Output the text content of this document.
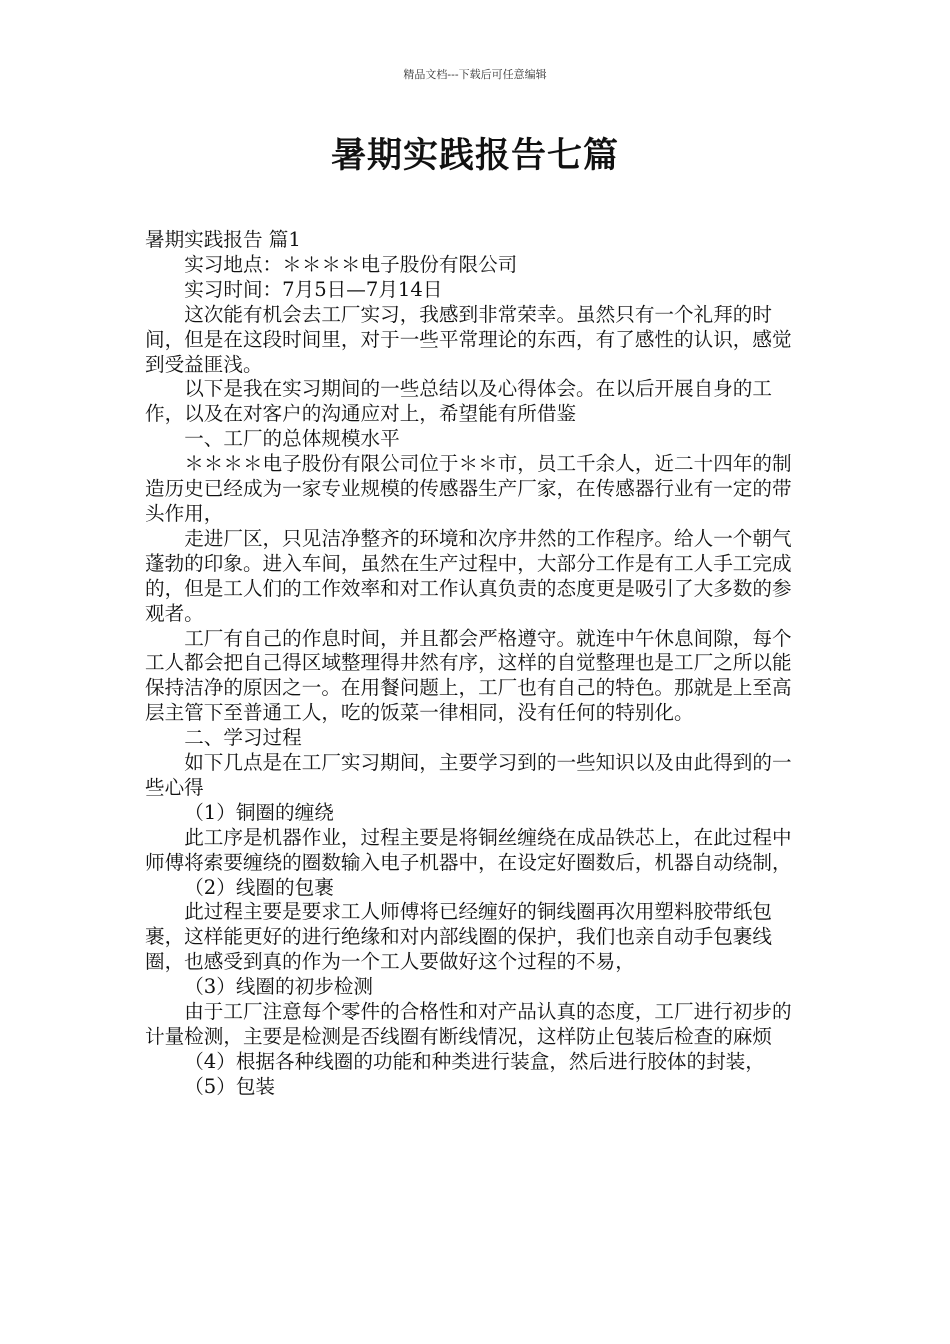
精品文档---下载后可任意编辑
暑期实践报告七篇

暑期实践报告 篇1

实习地点：＊＊＊＊电子股份有限公司

实习时间：7月5日—7月14日

这次能有机会去工厂实习，我感到非常荣幸。虽然只有一个礼拜的时间，但是在这段时间里，对于一些平常理论的东西，有了感性的认识，感觉到受益匪浅。

以下是我在实习期间的一些总结以及心得体会。在以后开展自身的工作，以及在对客户的沟通应对上，希望能有所借鉴

一、工厂的总体规模水平

＊＊＊＊电子股份有限公司位于＊＊市，员工千余人，近二十四年的制造历史已经成为一家专业规模的传感器生产厂家，在传感器行业有一定的带头作用，

走进厂区，只见洁净整齐的环境和次序井然的工作程序。给人一个朝气蓬勃的印象。进入车间，虽然在生产过程中，大部分工作是有工人手工完成的，但是工人们的工作效率和对工作认真负责的态度更是吸引了大多数的参观者。

工厂有自己的作息时间，并且都会严格遵守。就连中午休息间隙，每个工人都会把自己得区域整理得井然有序，这样的自觉整理也是工厂之所以能保持洁净的原因之一。在用餐问题上，工厂也有自己的特色。那就是上至高层主管下至普通工人，吃的饭菜一律相同，没有任何的特别化。

二、学习过程

如下几点是在工厂实习期间，主要学习到的一些知识以及由此得到的一些心得

（1）铜圈的缠绕

此工序是机器作业，过程主要是将铜丝缠绕在成品铁芯上，在此过程中师傅将索要缠绕的圈数输入电子机器中，在设定好圈数后，机器自动绕制，

（2）线圈的包裹

此过程主要是要求工人师傅将已经缠好的铜线圈再次用塑料胶带纸包裹，这样能更好的进行绝缘和对内部线圈的保护，我们也亲自动手包裹线圈，也感受到真的作为一个工人要做好这个过程的不易，

（3）线圈的初步检测

由于工厂注意每个零件的合格性和对产品认真的态度，工厂进行初步的计量检测，主要是检测是否线圈有断线情况，这样防止包装后检查的麻烦

（4）根据各种线圈的功能和种类进行装盒，然后进行胶体的封装，

（5）包装
